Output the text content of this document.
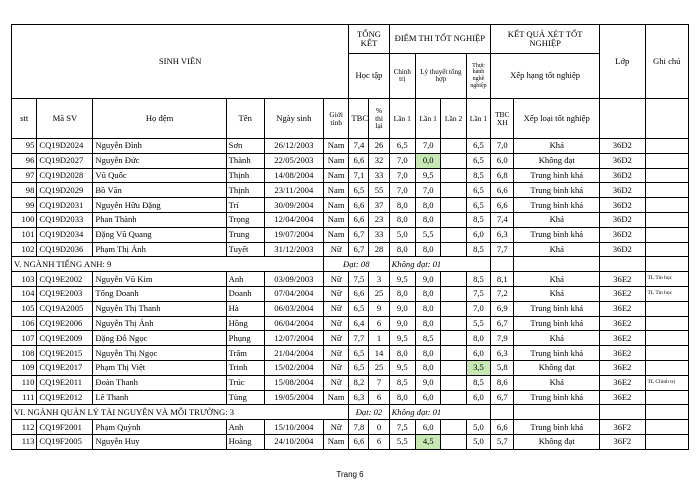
SINH VIÊN						TỔNG KẾT		ĐIỂM THI TỐT NGHIỆP				KẾT QUẢ XÉT TỐT NGHIỆP		Lớp	Ghi chú
						Học tập		Chính trị	Lý thuyết tổng hợp		Thực hành nghề nghiệp	Xếp hạng tốt nghiệp			
stt	Mã SV	Họ đệm	Tên	Ngày sinh	Giới tính	TBC	% thi lại	Lần 1	Lần 1	Lần 2	Lần 1	TBC XH	Xếp loại tốt nghiệp		
95	CQ19D2024	Nguyễn Đình	Sơn	26/12/2003	Nam	7,4	26	6,5	7,0		6,5	7,0	Khá	36D2	
96	CQ19D2027	Nguyễn Đức	Thành	22/05/2003	Nam	6,6	32	7,0	0,0		6,5	6,0	Không đạt	36D2	
97	CQ19D2028	Vũ Quốc	Thịnh	14/08/2004	Nam	7,1	33	7,0	9,5		8,5	6,8	Trung bình khá	36D2	
98	CQ19D2029	Bồ Văn	Thịnh	23/11/2004	Nam	6,5	55	7,0	7,0		6,5	6,6	Trung bình khá	36D2	
99	CQ19D2031	Nguyễn Hữu Đặng	Trí	30/09/2004	Nam	6,6	37	8,0	8,0		6,5	6,6	Trung bình khá	36D2	
100	CQ19D2033	Phan Thành	Trọng	12/04/2004	Nam	6,6	23	8,0	8,0		8,5	7,4	Khá	36D2	
101	CQ19D2034	Đặng Vũ Quang	Trung	19/07/2004	Nam	6,7	33	5,0	5,5		6,0	6,3	Trung bình khá	36D2	
102	CQ19D2036	Phạm Thị Ánh	Tuyết	31/12/2003	Nữ	6,7	28	8,0	8,0		8,5	7,7	Khá	36D2	
V. NGÀNH TIẾNG ANH: 9					Đạt: 08			Không đạt: 01							
103	CQ19E2002	Nguyễn Vũ Kim	Anh	03/09/2003	Nữ	7,5	3	9,5	9,0		8,5	8,1	Khá	36E2	TL Tin học
104	CQ19E2003	Tống Doanh	Doanh	07/04/2004	Nữ	6,6	25	8,0	8,0		7,5	7,2	Khá	36E2	TL Tin học
105	CQ19A2005	Nguyễn Thị Thanh	Hà	06/03/2004	Nữ	6,5	9	9,0	8,0		7,0	6,9	Trung bình khá	36E2	
106	CQ19E2006	Nguyễn Thị Ánh	Hồng	06/04/2004	Nữ	6,4	6	9,0	8,0		5,5	6,7	Trung bình khá	36E2	
107	CQ19E2009	Đặng Đỗ Ngọc	Phụng	12/07/2004	Nữ	7,7	1	9,5	8,5		8,0	7,9	Khá	36E2	
108	CQ19E2015	Nguyễn Thị Ngọc	Trâm	21/04/2004	Nữ	6,5	14	8,0	8,0		6,0	6,3	Trung bình khá	36E2	
109	CQ19E2017	Phạm Thị Việt	Trinh	15/02/2004	Nữ	6,5	25	9,5	8,0		3,5	5,8	Không đạt	36E2	
110	CQ19E2011	Đoàn Thanh	Trúc	15/08/2004	Nữ	8,2	7	8,5	9,0		8,5	8,6	Khá	36E2	TL Chính trị
111	CQ19E2012	Lê Thanh	Tùng	19/05/2004	Nam	6,3	6	8,0	6,0		6,0	6,7	Trung bình khá	36E2	
VI. NGÀNH QUẢN LÝ TÀI NGUYÊN VÀ MÔI TRƯỜNG: 3						Đạt: 02		Không đạt: 01							
112	CQ19F2001	Phạm Quỳnh	Anh	15/10/2004	Nữ	7,8	0	7,5	6,0		5,0	6,6	Trung bình khá	36F2	
113	CQ19F2005	Nguyễn Huy	Hoàng	24/10/2004	Nam	6,6	6	5,5	4,5		5,0	5,7	Không đạt	36F2	
Trang 6
